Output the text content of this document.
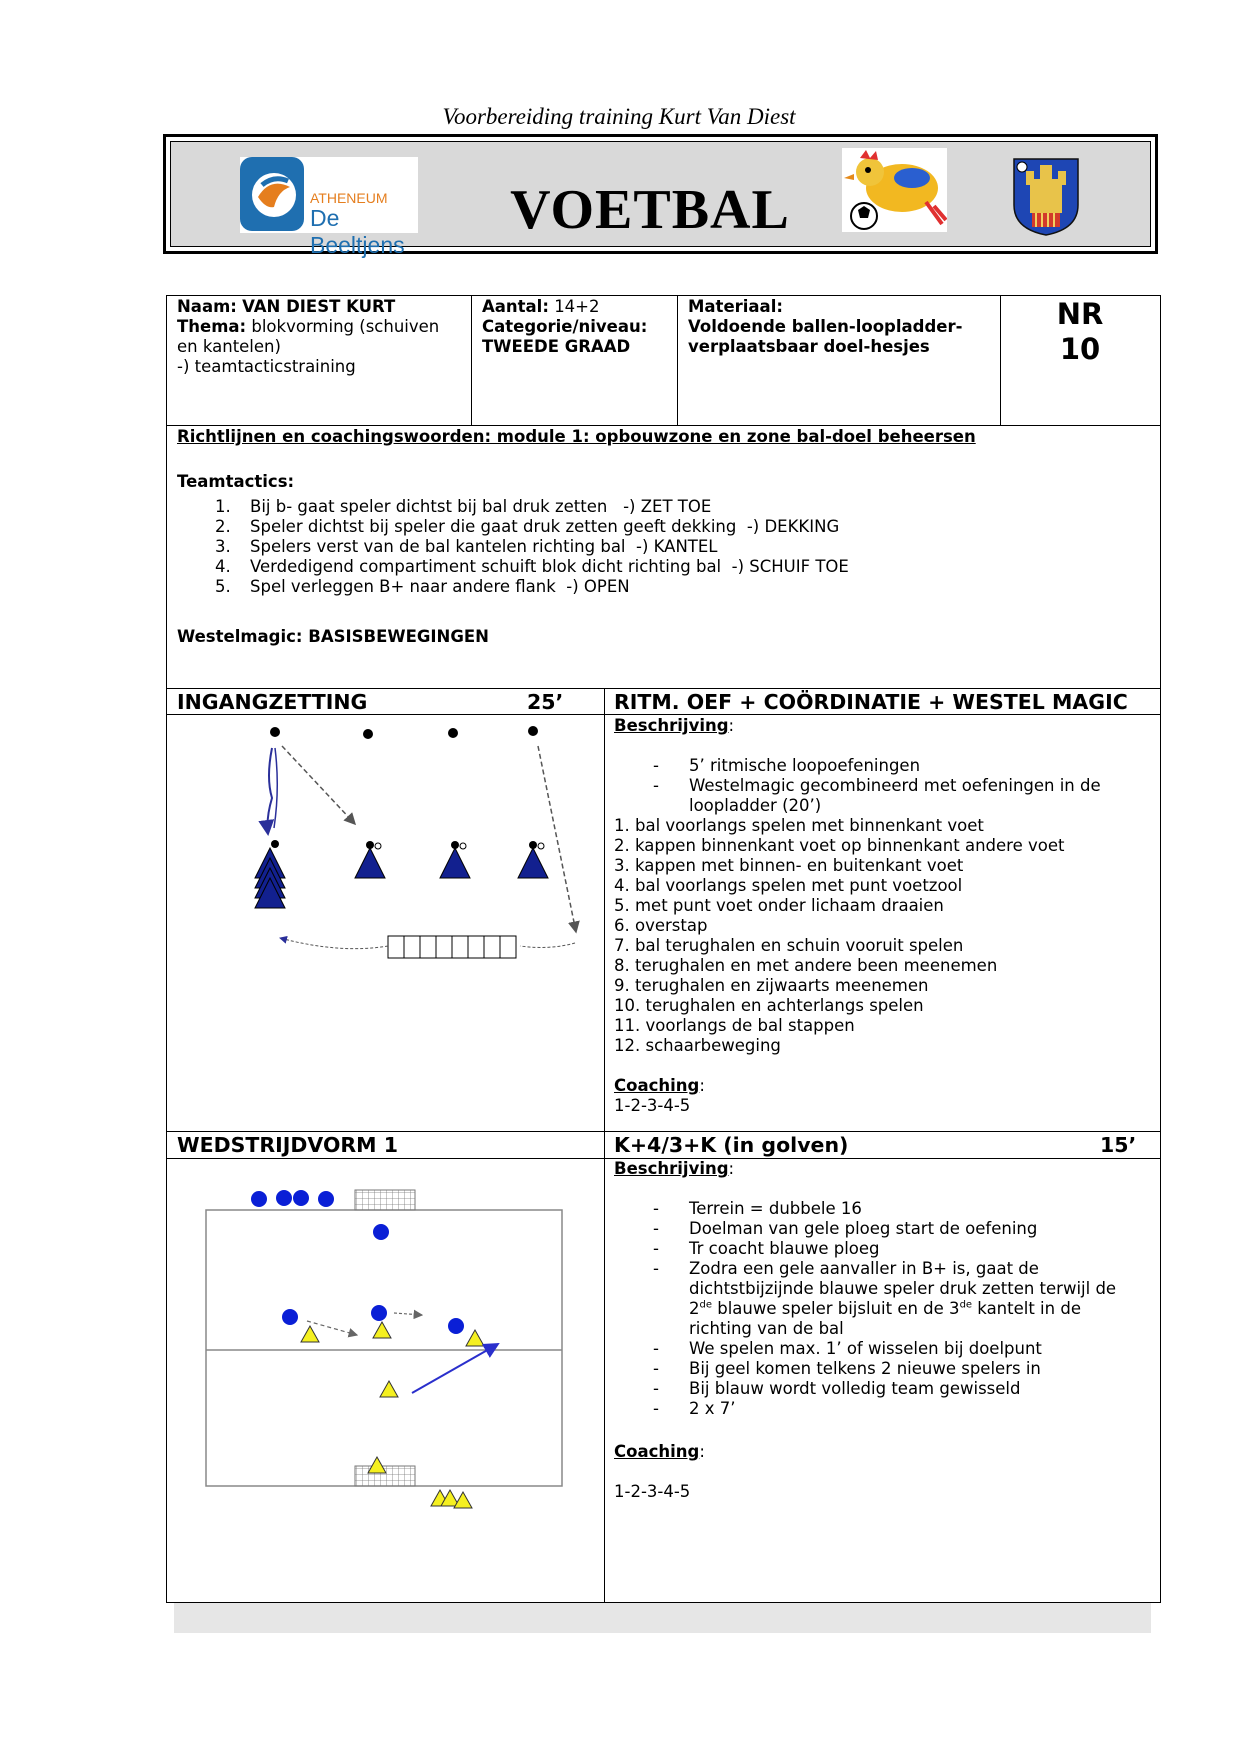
Voorbereiding training Kurt Van Diest
ATHENEUM
De Beeltjens
VOETBAL
Naam: VAN DIEST KURT
Thema: blokvorming (schuiven
en kantelen)
-) teamtacticstraining
Aantal: 14+2
Categorie/niveau:
TWEEDE GRAAD
Materiaal:
Voldoende ballen-loopladder-
verplaatsbaar doel-hesjes
NR
10
Richtlijnen en coachingswoorden: module 1: opbouwzone en zone bal-doel beheersen
Teamtactics:
1. Bij b- gaat speler dichtst bij bal druk zetten   -) ZET TOE
2. Speler dichtst bij speler die gaat druk zetten geeft dekking  -) DEKKING
3. Spelers verst van de bal kantelen richting bal  -) KANTEL
4. Verdedigend compartiment schuift blok dicht richting bal  -) SCHUIF TOE
5. Spel verleggen B+ naar andere flank  -) OPEN
Westelmagic: BASISBEWEGINGEN
INGANGZETTING	25’ RITM. OEF + COÖRDINATIE + WESTEL MAGIC
Beschrijving:
- 5’ ritmische loopoefeningen
- Westelmagic gecombineerd met oefeningen in de
loopladder (20’)
1. bal voorlangs spelen met binnenkant voet
2. kappen binnenkant voet op binnenkant andere voet
3. kappen met binnen- en buitenkant voet
4. bal voorlangs spelen met punt voetzool
5. met punt voet onder lichaam draaien
6. overstap
7. bal terughalen en schuin vooruit spelen
8. terughalen en met andere been meenemen
9. terughalen en zijwaarts meenemen
10. terughalen en achterlangs spelen
11. voorlangs de bal stappen
12. schaarbeweging
Coaching:
1-2-3-4-5
WEDSTRIJDVORM 1	K+4/3+K (in golven)	15’
Beschrijving:
- Terrein = dubbele 16
- Doelman van gele ploeg start de oefening
- Tr coacht blauwe ploeg
- Zodra een gele aanvaller in B+ is, gaat de
- We spelen max. 1’ of wisselen bij doelpunt
- Bij geel komen telkens 2 nieuwe spelers in
- Bij blauw wordt volledig team gewisseld
- 2 x 7’
dichtstbijzijnde blauwe speler druk zetten terwijl de
2de blauwe speler bijsluit en de 3de kantelt in de
richting van de bal
Coaching:
1-2-3-4-5
